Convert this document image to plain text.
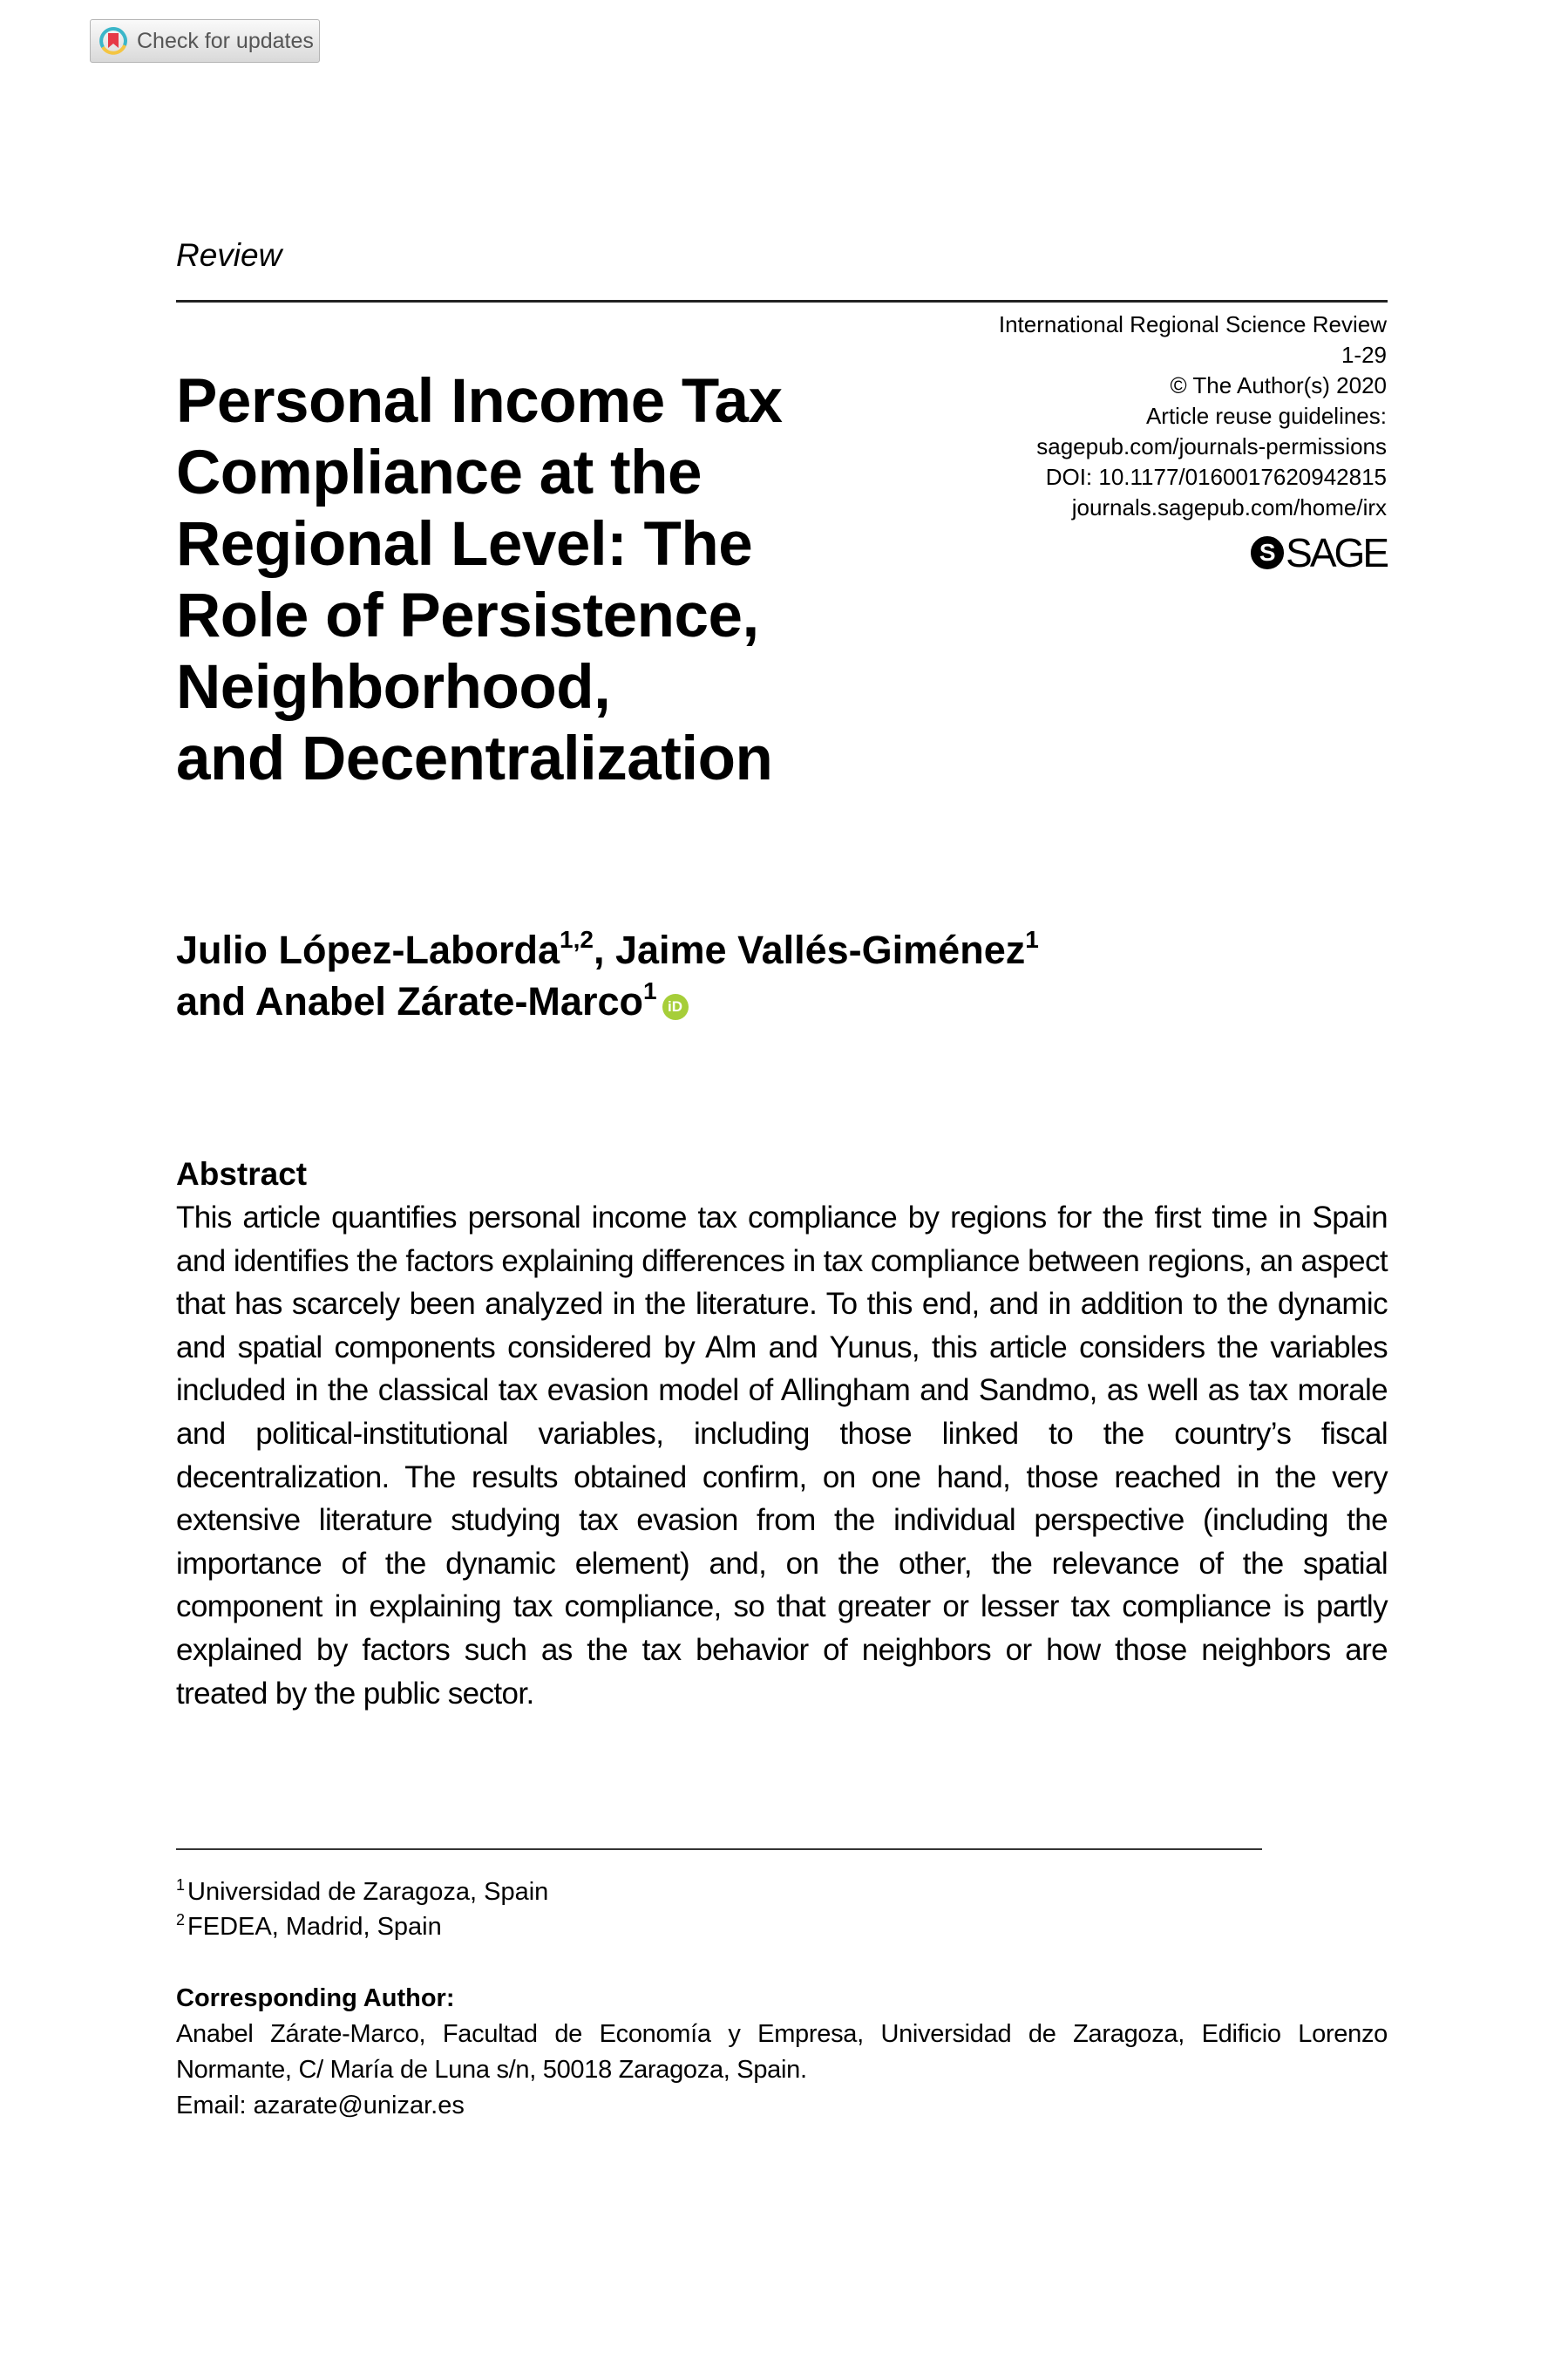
Check for updates
Review
International Regional Science Review
1-29
© The Author(s) 2020
Article reuse guidelines:
sagepub.com/journals-permissions
DOI: 10.1177/0160017620942815
journals.sagepub.com/home/irx
S SAGE
Personal Income Tax
Compliance at the
Regional Level: The
Role of Persistence,
Neighborhood,
and Decentralization
Julio López-Laborda$^{1,2}$, Jaime Vallés-Giménez$^1$
and Anabel Zárate-Marco$^1$iD
Abstract
This article quantifies personal income tax compliance by regions for the first time in Spain and identifies the factors explaining differences in tax compliance between regions, an aspect that has scarcely been analyzed in the literature. To this end, and in addition to the dynamic and spatial components considered by Alm and Yunus, this article considers the variables included in the classical tax evasion model of Allingham and Sandmo, as well as tax morale and political-institutional variables, including those linked to the country’s fiscal decentralization. The results obtained confirm, on one hand, those reached in the very extensive literature studying tax evasion from the individual perspective (including the importance of the dynamic element) and, on the other, the relevance of the spatial component in explaining tax compliance, so that greater or lesser tax compliance is partly explained by factors such as the tax behavior of neighbors or how those neighbors are treated by the public sector.
$^1$ Universidad de Zaragoza, Spain
$^2$ FEDEA, Madrid, Spain
Corresponding Author:
Anabel Zárate-Marco, Facultad de Economía y Empresa, Universidad de Zaragoza, Edificio Lorenzo Normante, C/ María de Luna s/n, 50018 Zaragoza, Spain.
Email: azarate@unizar.es
